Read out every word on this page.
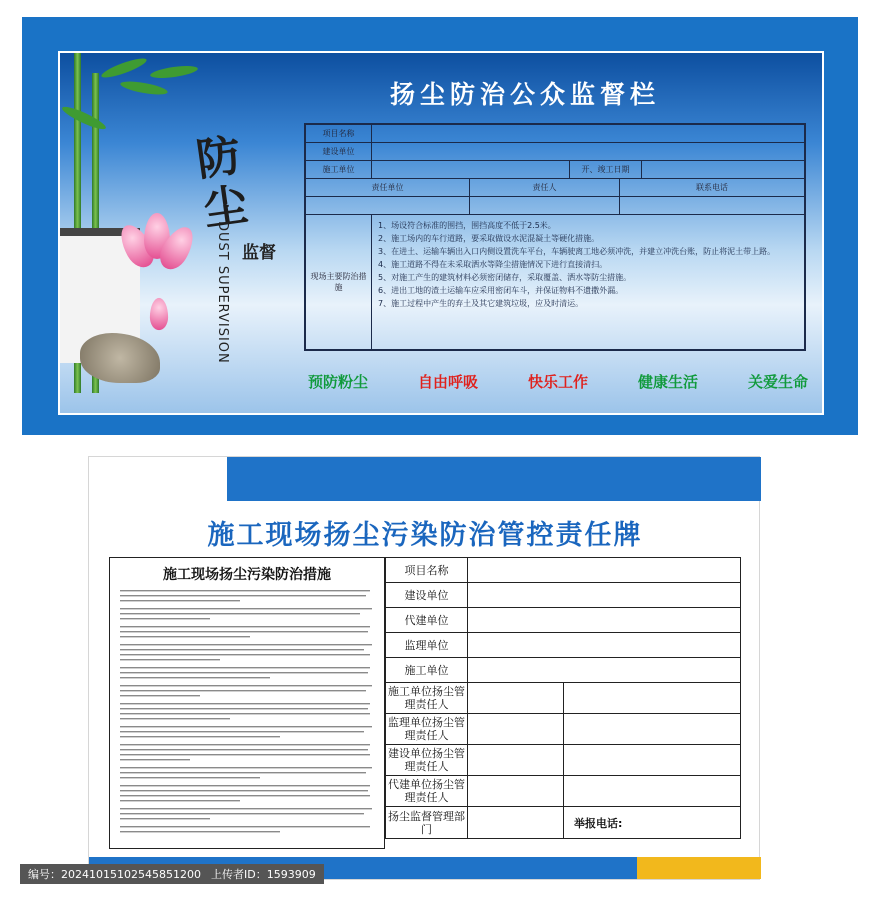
防尘
监督
DUST SUPERVISION
扬尘防治公众监督栏
项目名称
建设单位
施工单位	开、竣工日期
责任单位	责任人	联系电话
现场主要防治措施
1、场设符合标准的围挡，围挡高度不低于2.5米。
2、施工场内的车行道路，要采取做设水泥混凝土等硬化措施。
3、在进土、运输车辆出入口内侧设置洗车平台，车辆驶离工地必须冲洗，并建立冲洗台账，防止将泥土带上路。
4、施工道路不得在未采取洒水等降尘措施情况下进行直接清扫。
5、对施工产生的建筑材料必须密闭储存，采取覆盖、洒水等防尘措施。
6、进出工地的渣土运输车应采用密闭车斗，并保证物料不遗撒外漏。
7、施工过程中产生的弃土及其它建筑垃圾，应及时清运。
预防粉尘	自由呼吸	快乐工作	健康生活	关爱生命
施工现场扬尘污染防治管控责任牌
施工现场扬尘污染防治措施	项目名称
建设单位
代建单位
监理单位
施工单位
施工单位扬尘管理责任人
监理单位扬尘管理责任人
建设单位扬尘管理责任人
代建单位扬尘管理责任人
扬尘监督管理部门	举报电话:
编号：20241015102545851200 上传者ID：1593909
